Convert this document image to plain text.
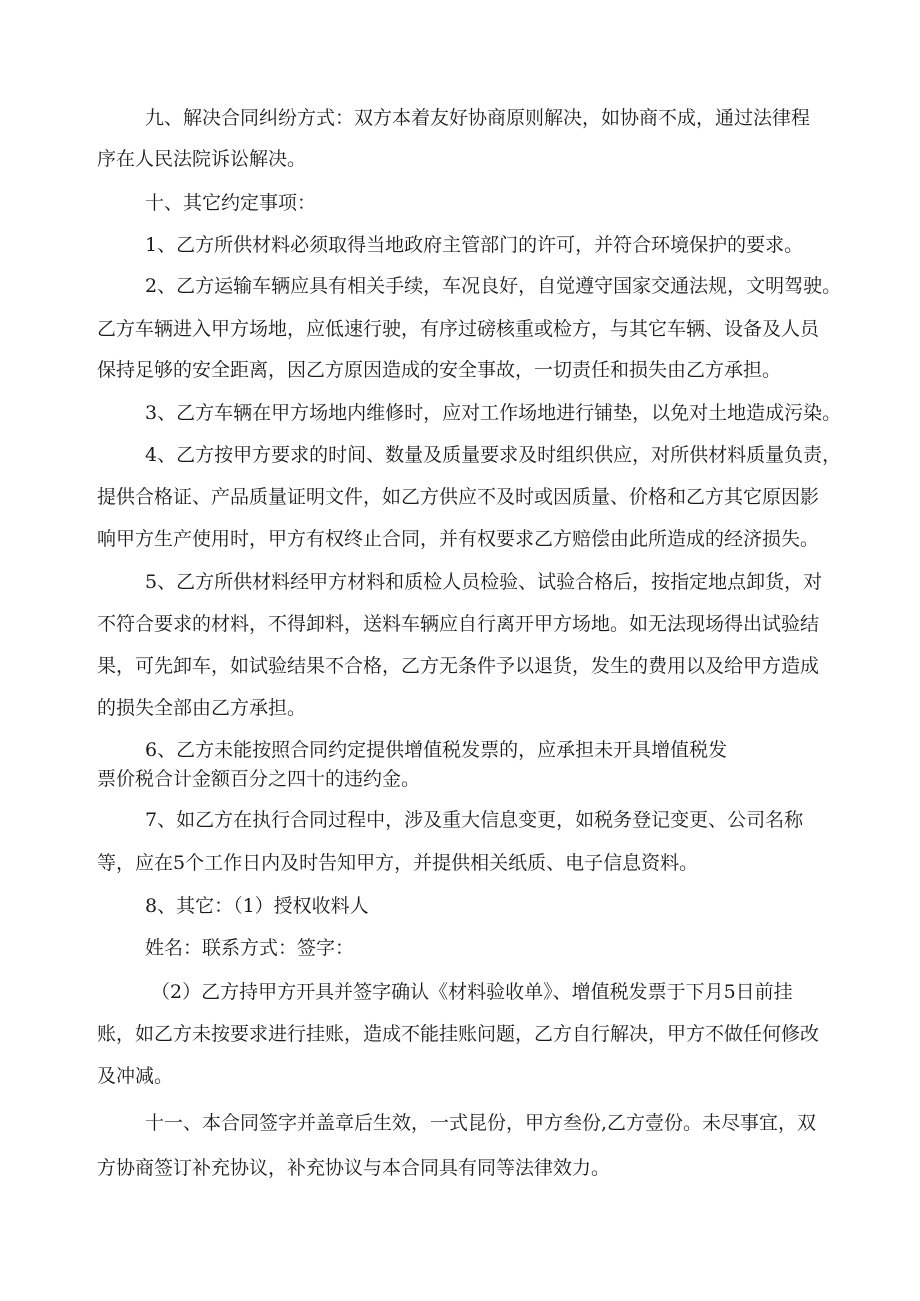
九、解决合同纠纷方式：双方本着友好协商原则解决，如协商不成，通过法律程
序在人民法院诉讼解决。
十、其它约定事项：
1、乙方所供材料必须取得当地政府主管部门的许可，并符合环境保护的要求。
2、乙方运输车辆应具有相关手续，车况良好，自觉遵守国家交通法规，文明驾驶。
乙方车辆进入甲方场地，应低速行驶，有序过磅核重或检方，与其它车辆、设备及人员
保持足够的安全距离，因乙方原因造成的安全事故，一切责任和损失由乙方承担。
3、乙方车辆在甲方场地内维修时，应对工作场地进行铺垫，以免对土地造成污染。
4、乙方按甲方要求的时间、数量及质量要求及时组织供应，对所供材料质量负责，
提供合格证、产品质量证明文件，如乙方供应不及时或因质量、价格和乙方其它原因影
响甲方生产使用时，甲方有权终止合同，并有权要求乙方赔偿由此所造成的经济损失。
5、乙方所供材料经甲方材料和质检人员检验、试验合格后，按指定地点卸货，对
不符合要求的材料，不得卸料，送料车辆应自行离开甲方场地。如无法现场得出试验结
果，可先卸车，如试验结果不合格，乙方无条件予以退货，发生的费用以及给甲方造成
的损失全部由乙方承担。
6、乙方未能按照合同约定提供增值税发票的，应承担未开具增值税发
票价税合计金额百分之四十的违约金。
7、如乙方在执行合同过程中，涉及重大信息变更，如税务登记变更、公司名称
等，应在5个工作日内及时告知甲方，并提供相关纸质、电子信息资料。
8、其它：（1）授权收料人
姓名：联系方式：签字：
（2）乙方持甲方开具并签字确认《材料验收单》、增值税发票于下月5日前挂
账，如乙方未按要求进行挂账，造成不能挂账问题，乙方自行解决，甲方不做任何修改
及冲减。
十一、本合同签字并盖章后生效，一式昆份，甲方叁份,乙方壹份。未尽事宜，双
方协商签订补充协议，补充协议与本合同具有同等法律效力。
